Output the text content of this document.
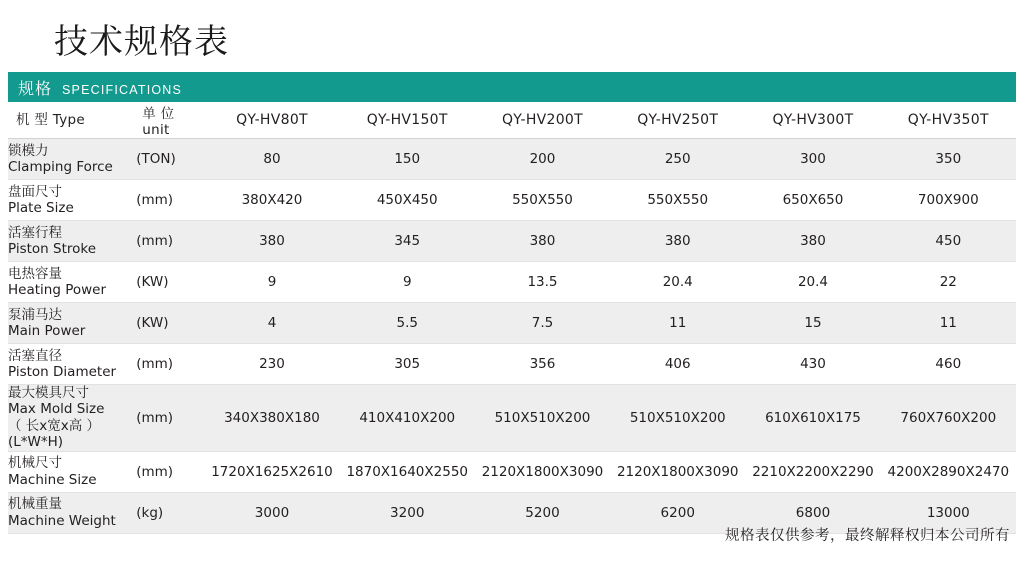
技术规格表
规格 SPECIFICATIONS							

机 型 Type	单 位 unit	QY-HV80T	QY-HV150T	QY-HV200T	QY-HV250T	QY-HV300T	QY-HV350T

锁模力
Clamping Force	(TON)	80	150	200	250	300	350

盘面尺寸
Plate Size	(mm)	380X420	450X450	550X550	550X550	650X650	700X900

活塞行程
Piston Stroke	(mm)	380	345	380	380	380	450

电热容量
Heating Power	(KW)	9	9	13.5	20.4	20.4	22

泵浦马达
Main Power	(KW)	4	5.5	7.5	11	15	11

活塞直径
Piston Diameter	(mm)	230	305	356	406	430	460

最大模具尺寸
Max Mold Size
（ 长x宽x高 ）
(L*W*H)	(mm)	340X380X180	410X410X200	510X510X200	510X510X200	610X610X175	760X760X200

机械尺寸
Machine Size	(mm)	1720X1625X2610	1870X1640X2550	2120X1800X3090	2120X1800X3090	2210X2200X2290	4200X2890X2470

机械重量
Machine Weight	(kg)	3000	3200	5200	6200	6800	13000
规格表仅供参考，最终解释权归本公司所有
